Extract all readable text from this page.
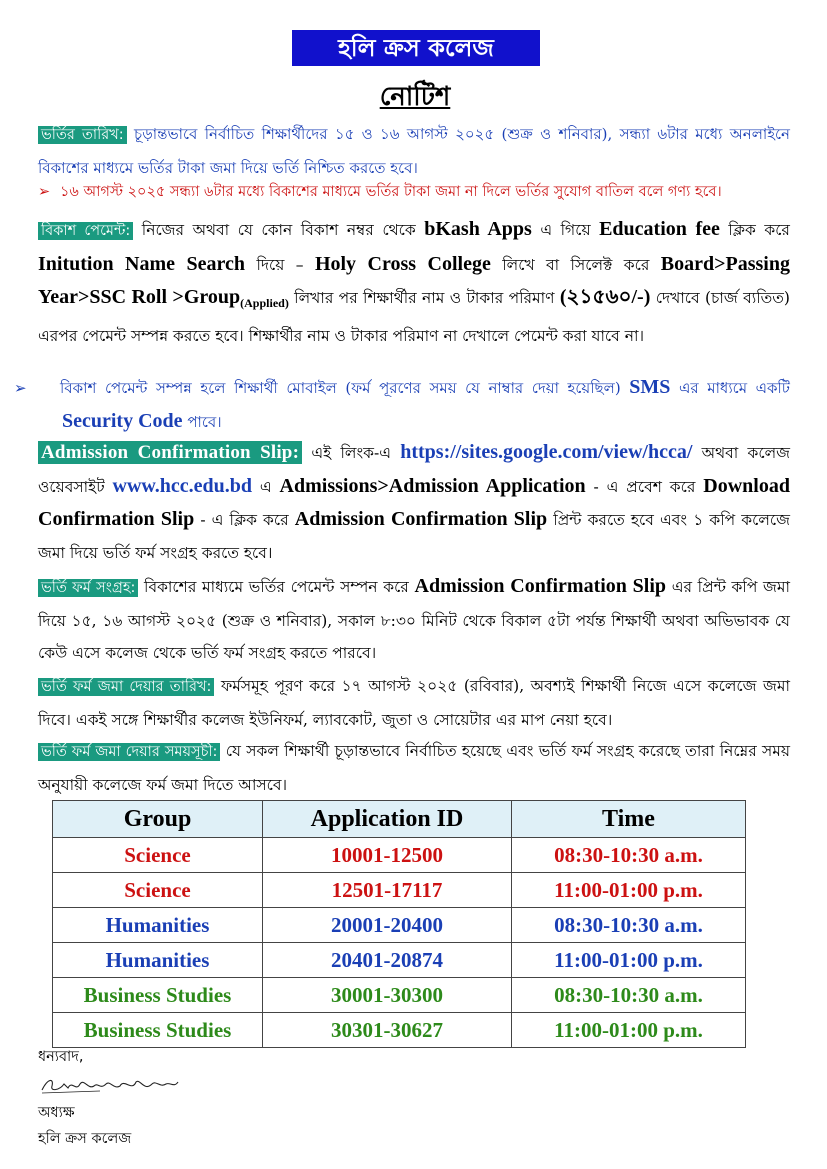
হলি ক্রস কলেজ
নোটিশ
ভর্তির তারিখ: চূড়ান্তভাবে নির্বাচিত শিক্ষার্থীদের ১৫ ও ১৬ আগস্ট ২০২৫ (শুক্র ও শনিবার), সন্ধ্যা ৬টার মধ্যে অনলাইনে বিকাশের মাধ্যমে ভর্তির টাকা জমা দিয়ে ভর্তি নিশ্চিত করতে হবে।
➢ ১৬ আগস্ট ২০২৫ সন্ধ্যা ৬টার মধ্যে বিকাশের মাধ্যমে ভর্তির টাকা জমা না দিলে ভর্তির সুযোগ বাতিল বলে গণ্য হবে।
বিকাশ পেমেন্ট: নিজের অথবা যে কোন বিকাশ নম্বর থেকে bKash Apps এ গিয়ে Education fee ক্লিক করে Initution Name Search দিয়ে – Holy Cross College লিখে বা সিলেক্ট করে Board>Passing Year>SSC Roll >Group$_{(Applied)}$ লিখার পর শিক্ষার্থীর নাম ও টাকার পরিমাণ (২১৫৬০/-) দেখাবে (চার্জ ব্যতিত) এরপর পেমেন্ট সম্পন্ন করতে হবে। শিক্ষার্থীর নাম ও টাকার পরিমাণ না দেখালে পেমেন্ট করা যাবে না।
➢ বিকাশ পেমেন্ট সম্পন্ন হলে শিক্ষার্থী মোবাইল (ফর্ম পূরণের সময় যে নাম্বার দেয়া হয়েছিল) SMS এর মাধ্যমে একটি Security Code পাবে।
Admission Confirmation Slip: এই লিংক-এ https://sites.google.com/view/hcca/ অথবা কলেজ ওয়েবসাইট www.hcc.edu.bd এ Admissions>Admission Application - এ প্রবেশ করে Download Confirmation Slip - এ ক্লিক করে Admission Confirmation Slip প্রিন্ট করতে হবে এবং ১ কপি কলেজে জমা দিয়ে ভর্তি ফর্ম সংগ্রহ করতে হবে।
ভর্তি ফর্ম সংগ্রহ: বিকাশের মাধ্যমে ভর্তির পেমেন্ট সম্পন করে Admission Confirmation Slip এর প্রিন্ট কপি জমা দিয়ে ১৫, ১৬ আগস্ট ২০২৫ (শুক্র ও শনিবার), সকাল ৮:৩০ মিনিট থেকে বিকাল ৫টা পর্যন্ত শিক্ষার্থী অথবা অভিভাবক যে কেউ এসে কলেজ থেকে ভর্তি ফর্ম সংগ্রহ করতে পারবে।
ভর্তি ফর্ম জমা দেয়ার তারিখ: ফর্মসমূহ পূরণ করে ১৭ আগস্ট ২০২৫ (রবিবার), অবশ্যই শিক্ষার্থী নিজে এসে কলেজে জমা দিবে। একই সঙ্গে শিক্ষার্থীর কলেজ ইউনিফর্ম, ল্যাবকোট, জুতা ও সোয়েটার এর মাপ নেয়া হবে।
ভর্তি ফর্ম জমা দেয়ার সময়সূচী: যে সকল শিক্ষার্থী চূড়ান্তভাবে নির্বাচিত হয়েছে এবং ভর্তি ফর্ম সংগ্রহ করেছে তারা নিম্নের সময় অনুযায়ী কলেজে ফর্ম জমা দিতে আসবে।
Group	Application ID	Time
Science	10001-12500	08:30-10:30 a.m.
Science	12501-17117	11:00-01:00 p.m.
Humanities	20001-20400	08:30-10:30 a.m.
Humanities	20401-20874	11:00-01:00 p.m.
Business Studies	30001-30300	08:30-10:30 a.m.
Business Studies	30301-30627	11:00-01:00 p.m.
ধন্যবাদ,
অধ্যক্ষ
হলি ক্রস কলেজ
